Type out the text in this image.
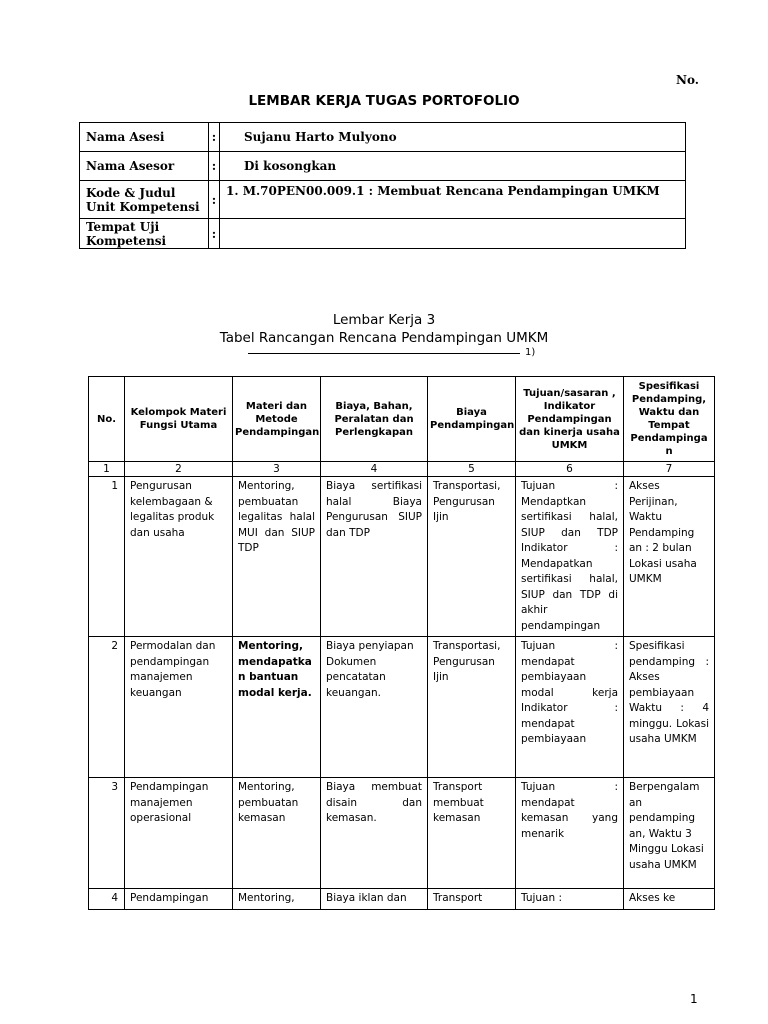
No.
LEMBAR KERJA TUGAS PORTOFOLIO
Nama Asesi	:	Sujanu Harto Mulyono
Nama Asesor	:	Di kosongkan
Kode & Judul Unit Kompetensi	:	1. M.70PEN00.009.1 : Membuat Rencana Pendampingan UMKM
Tempat Uji Kompetensi	:	
Lembar Kerja 3
Tabel Rancangan Rencana Pendampingan UMKM
1)
No.	Kelompok Materi Fungsi Utama	Materi dan Metode Pendampingan	Biaya, Bahan, Peralatan dan Perlengkapan	Biaya Pendampingan	Tujuan/sasaran , Indikator Pendampingan dan kinerja usaha UMKM	Spesifikasi Pendamping, Waktu dan Tempat Pendampinga n
1	2	3	4	5	6	7
1	Pengurusan kelembagaan & legalitas produk dan usaha	Mentoring, pembuatan legalitas halal MUI dan SIUP TDP	Biaya sertifikasi halal Biaya Pengurusan SIUP dan TDP	Transportasi, Pengurusan Ijin	Tujuan : Mendaptkan sertifikasi halal, SIUP dan TDP Indikator : Mendapatkan sertifikasi halal, SIUP dan TDP di akhir pendampingan	Akses Perijinan, Waktu Pendamping an : 2 bulan Lokasi usaha UMKM
2	Permodalan dan pendampingan manajemen keuangan	Mentoring, mendapatka n bantuan modal kerja.	Biaya penyiapan Dokumen pencatatan keuangan.	Transportasi, Pengurusan Ijin	Tujuan : mendapat pembiayaan modal kerja Indikator : mendapat pembiayaan	Spesifikasi pendamping : Akses pembiayaan Waktu : 4 minggu. Lokasi usaha UMKM
3	Pendampingan manajemen operasional	Mentoring, pembuatan kemasan	Biaya membuat disain dan kemasan.	Transport membuat kemasan	Tujuan : mendapat kemasan yang menarik	Berpengalam an pendamping an, Waktu 3 Minggu Lokasi usaha UMKM
4	Pendampingan	Mentoring,	Biaya iklan dan	Transport	Tujuan :	Akses ke
1
